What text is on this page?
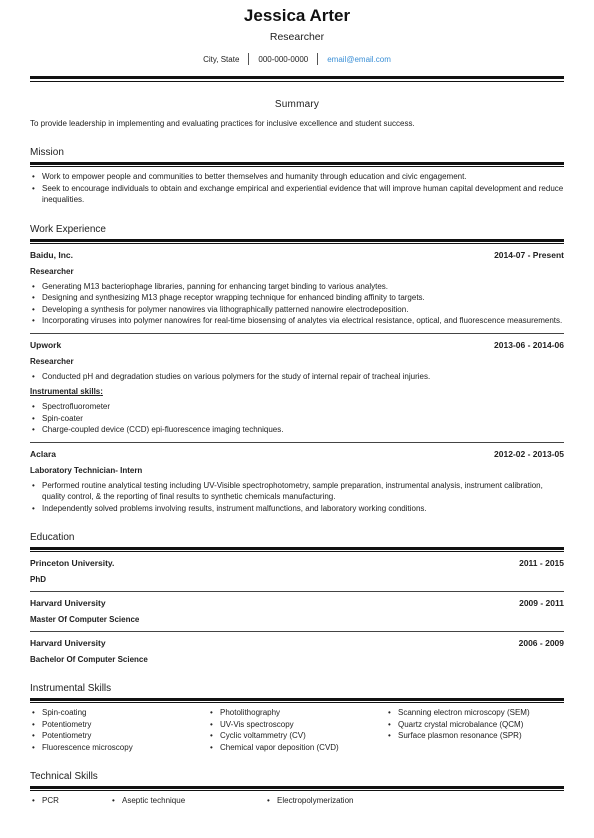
Jessica Arter
Researcher
City, State	000-000-0000	email@email.com
Summary
To provide leadership in implementing and evaluating practices for inclusive excellence and student success.
Mission
• Work to empower people and communities to better themselves and humanity through education and civic engagement.
• Seek to encourage individuals to obtain and exchange empirical and experiential evidence that will improve human capital development and reduce inequalities.
Work Experience
Baidu, Inc.	2014-07 - Present
Researcher
• Generating M13 bacteriophage libraries, panning for enhancing target binding to various analytes.
• Designing and synthesizing M13 phage receptor wrapping technique for enhanced binding affinity to targets.
• Developing a synthesis for polymer nanowires via lithographically patterned nanowire electrodeposition.
• Incorporating viruses into polymer nanowires for real-time biosensing of analytes via electrical resistance, optical, and fluorescence measurements.
Upwork	2013-06 - 2014-06
Researcher
• Conducted pH and degradation studies on various polymers for the study of internal repair of tracheal injuries.
Instrumental skills:
• Spectrofluorometer
• Spin-coater
• Charge-coupled device (CCD) epi-fluorescence imaging techniques.
Aclara	2012-02 - 2013-05
Laboratory Technician- Intern
• Performed routine analytical testing including UV-Visible spectrophotometry, sample preparation, instrumental analysis, instrument calibration, quality control, & the reporting of final results to synthetic chemicals manufacturing.
• Independently solved problems involving results, instrument malfunctions, and laboratory working conditions.
Education
Princeton University.	2011 - 2015
PhD
Harvard University	2009 - 2011
Master Of Computer Science
Harvard University	2006 - 2009
Bachelor Of Computer Science
Instrumental Skills
• Spin-coating
• Potentiometry
• Potentiometry
• Fluorescence microscopy
• Photolithography
• UV-Vis spectroscopy
• Cyclic voltammetry (CV)
• Chemical vapor deposition (CVD)
• Scanning electron microscopy (SEM)
• Quartz crystal microbalance (QCM)
• Surface plasmon resonance (SPR)
Technical Skills
• PCR	• Aseptic technique	• Electropolymerization
